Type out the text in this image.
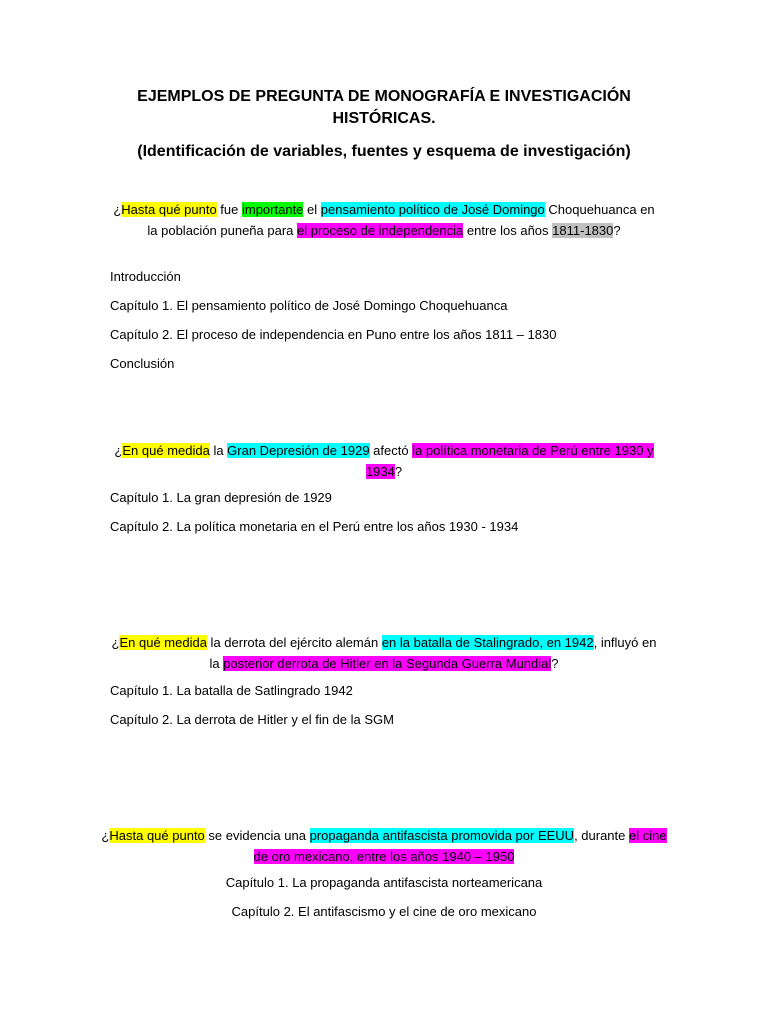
EJEMPLOS DE PREGUNTA DE MONOGRAFÍA E INVESTIGACIÓN HISTÓRICAS.
(Identificación de variables, fuentes y esquema de investigación)
¿Hasta qué punto fue importante el pensamiento político de José Domingo Choquehuanca en la población puneña para el proceso de independencia entre los años 1811-1830?
Introducción
Capítulo 1. El pensamiento político de José Domingo Choquehuanca
Capítulo 2. El proceso de independencia en Puno entre los años 1811 – 1830
Conclusión
¿En qué medida la Gran Depresión de 1929 afectó la política monetaria de Perú entre 1930 y 1934?
Capítulo 1. La gran depresión de 1929
Capítulo 2. La política monetaria en el Perú entre los años 1930 - 1934
¿En qué medida la derrota del ejército alemán en la batalla de Stalingrado, en 1942, influyó en la posterior derrota de Hitler en la Segunda Guerra Mundial?
Capítulo 1. La batalla de Satlingrado 1942
Capítulo 2. La derrota de Hitler y el fin de la SGM
¿Hasta qué punto se evidencia una propaganda antifascista promovida por EEUU, durante el cine de oro mexicano, entre los años 1940 – 1950
Capítulo 1. La propaganda antifascista norteamericana
Capítulo 2. El antifascismo y el cine de oro mexicano
